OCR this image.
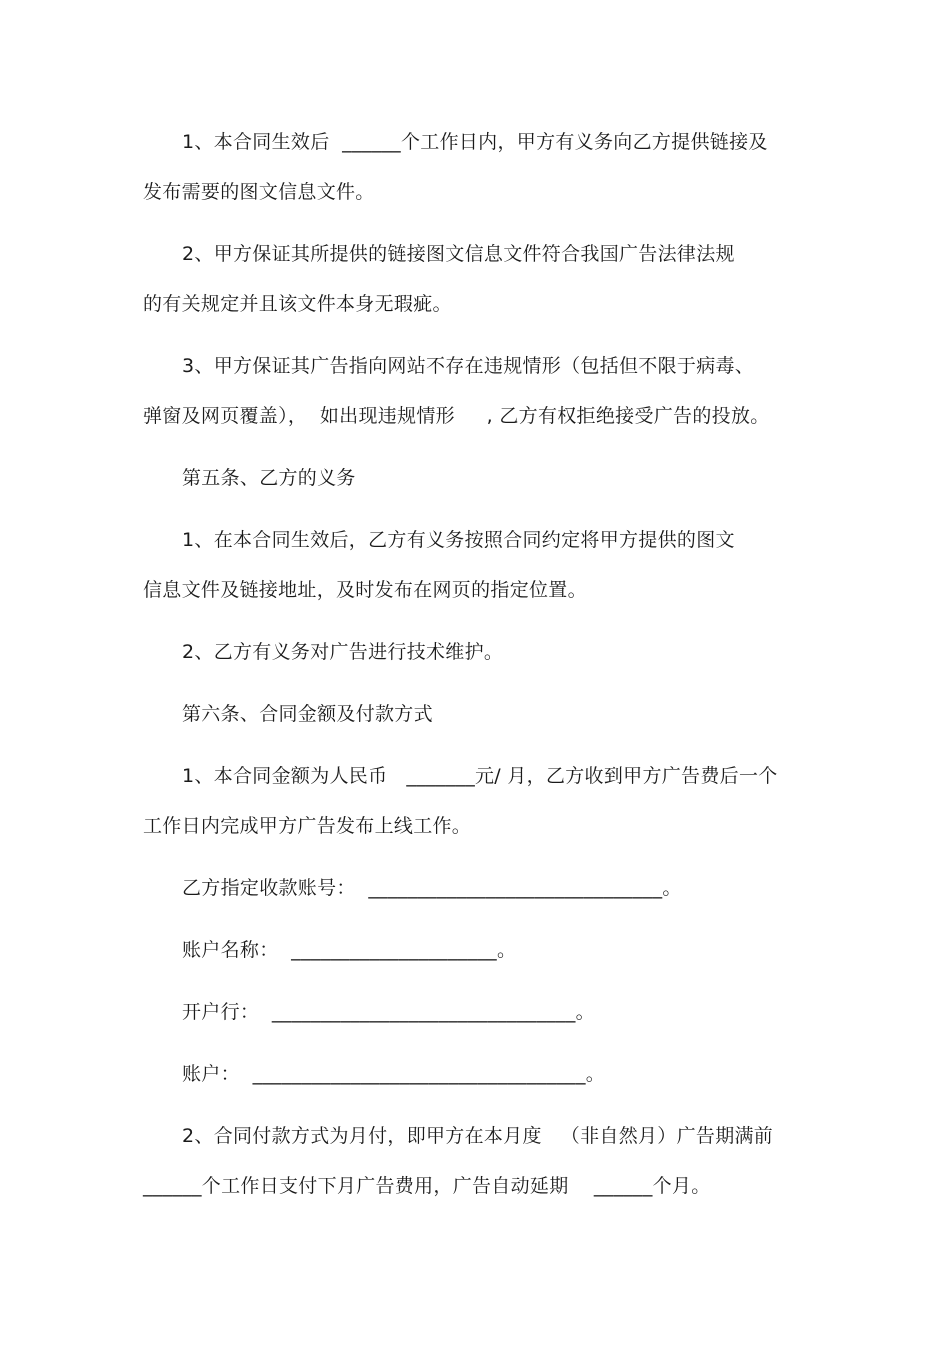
1、本合同生效后  ______个工作日内，甲方有义务向乙方提供链接及
发布需要的图文信息文件。
2、甲方保证其所提供的链接图文信息文件符合我国广告法律法规
的有关规定并且该文件本身无瑕疵。
3、甲方保证其广告指向网站不存在违规情形（包括但不限于病毒、
弹窗及网页覆盖），  如出现违规情形     , 乙方有权拒绝接受广告的投放。
第五条、乙方的义务
1、在本合同生效后，乙方有义务按照合同约定将甲方提供的图文
信息文件及链接地址，及时发布在网页的指定位置。
2、乙方有义务对广告进行技术维护。
第六条、合同金额及付款方式
1、本合同金额为人民币   _______元/ 月，乙方收到甲方广告费后一个
工作日内完成甲方广告发布上线工作。
乙方指定收款账号：  ______________________________。
账户名称：  _____________________。
开户行：  _______________________________。
账户：  __________________________________。
2、合同付款方式为月付，即甲方在本月度   （非自然月）广告期满前
______个工作日支付下月广告费用，广告自动延期    ______个月。
